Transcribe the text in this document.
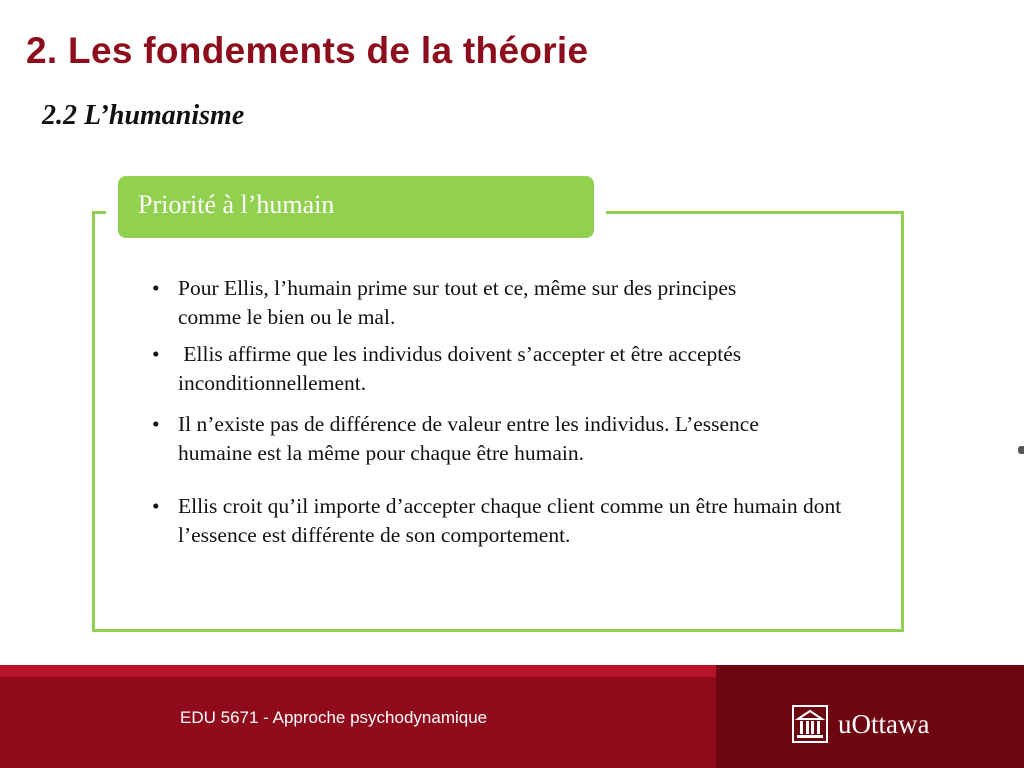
2. Les fondements de la théorie
2.2 L’humanisme
Priorité à l’humain
• Pour Ellis, l’humain prime sur tout et ce, même sur des principes comme le bien ou le mal.
• Ellis affirme que les individus doivent s’accepter et être acceptés inconditionnellement.
• Il n’existe pas de différence de valeur entre les individus. L’essence  humaine est la même pour chaque être humain.
• Ellis croit qu’il importe d’accepter chaque client comme un être humain dont l’essence est différente de son comportement.
EDU 5671 - Approche psychodynamique	uOttawa
